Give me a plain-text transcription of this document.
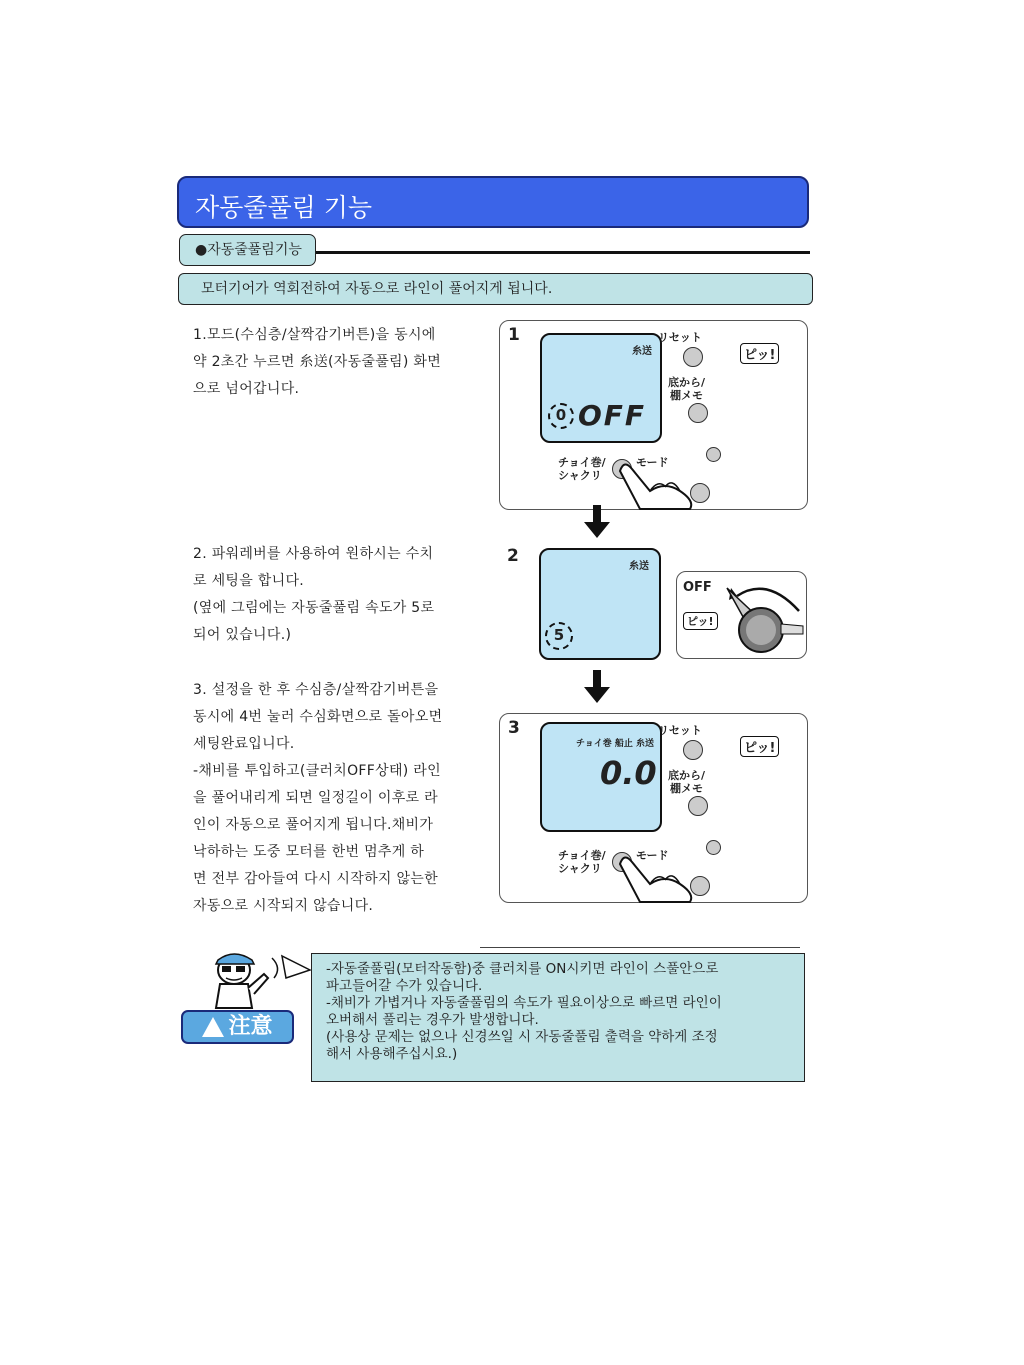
자동줄풀림 기능
●자동줄풀림기능
모터기어가 역회전하여 자동으로 라인이 풀어지게 됩니다.
1.모드(수심층/살짝감기버튼)을 동시에
약 2초간 누르면 糸送(자동줄풀림) 화면
으로 넘어갑니다.
2. 파워레버를 사용하여 원하시는 수치
로 세팅을 합니다.
(옆에 그림에는 자동줄풀림 속도가 5로
되어 있습니다.)
3. 설정을 한 후 수심층/살짝감기버튼을
동시에 4번 눌러 수심화면으로 돌아오면
세팅완료입니다.
-채비를 투입하고(클러치OFF상태) 라인
을 풀어내리게 되면 일정길이 이후로 라
인이 자동으로 풀어지게 됩니다.채비가
낙하하는 도중 모터를 한번 멈추게 하
면 전부 감아들여 다시 시작하지 않는한
자동으로 시작되지 않습니다.
1
糸送
0 OFF
リセット
底から/
棚メモ
チョイ巻/
シャクリ
モード
ピッ!
2
糸送
5
OFF
ピッ!
3
チョイ巻 船止 糸送
0.0
リセット
底から/
棚メモ
チョイ巻/
シャクリ
モード
ピッ!
注意
-자동줄풀림(모터작동함)중 클러치를 ON시키면 라인이 스풀안으로
파고들어갈 수가 있습니다.
-채비가 가볍거나 자동줄풀림의 속도가 필요이상으로 빠르면 라인이
오버해서 풀리는 경우가 발생합니다.
(사용상 문제는 없으나 신경쓰일 시 자동줄풀림 출력을 약하게 조정
해서 사용해주십시요.)
